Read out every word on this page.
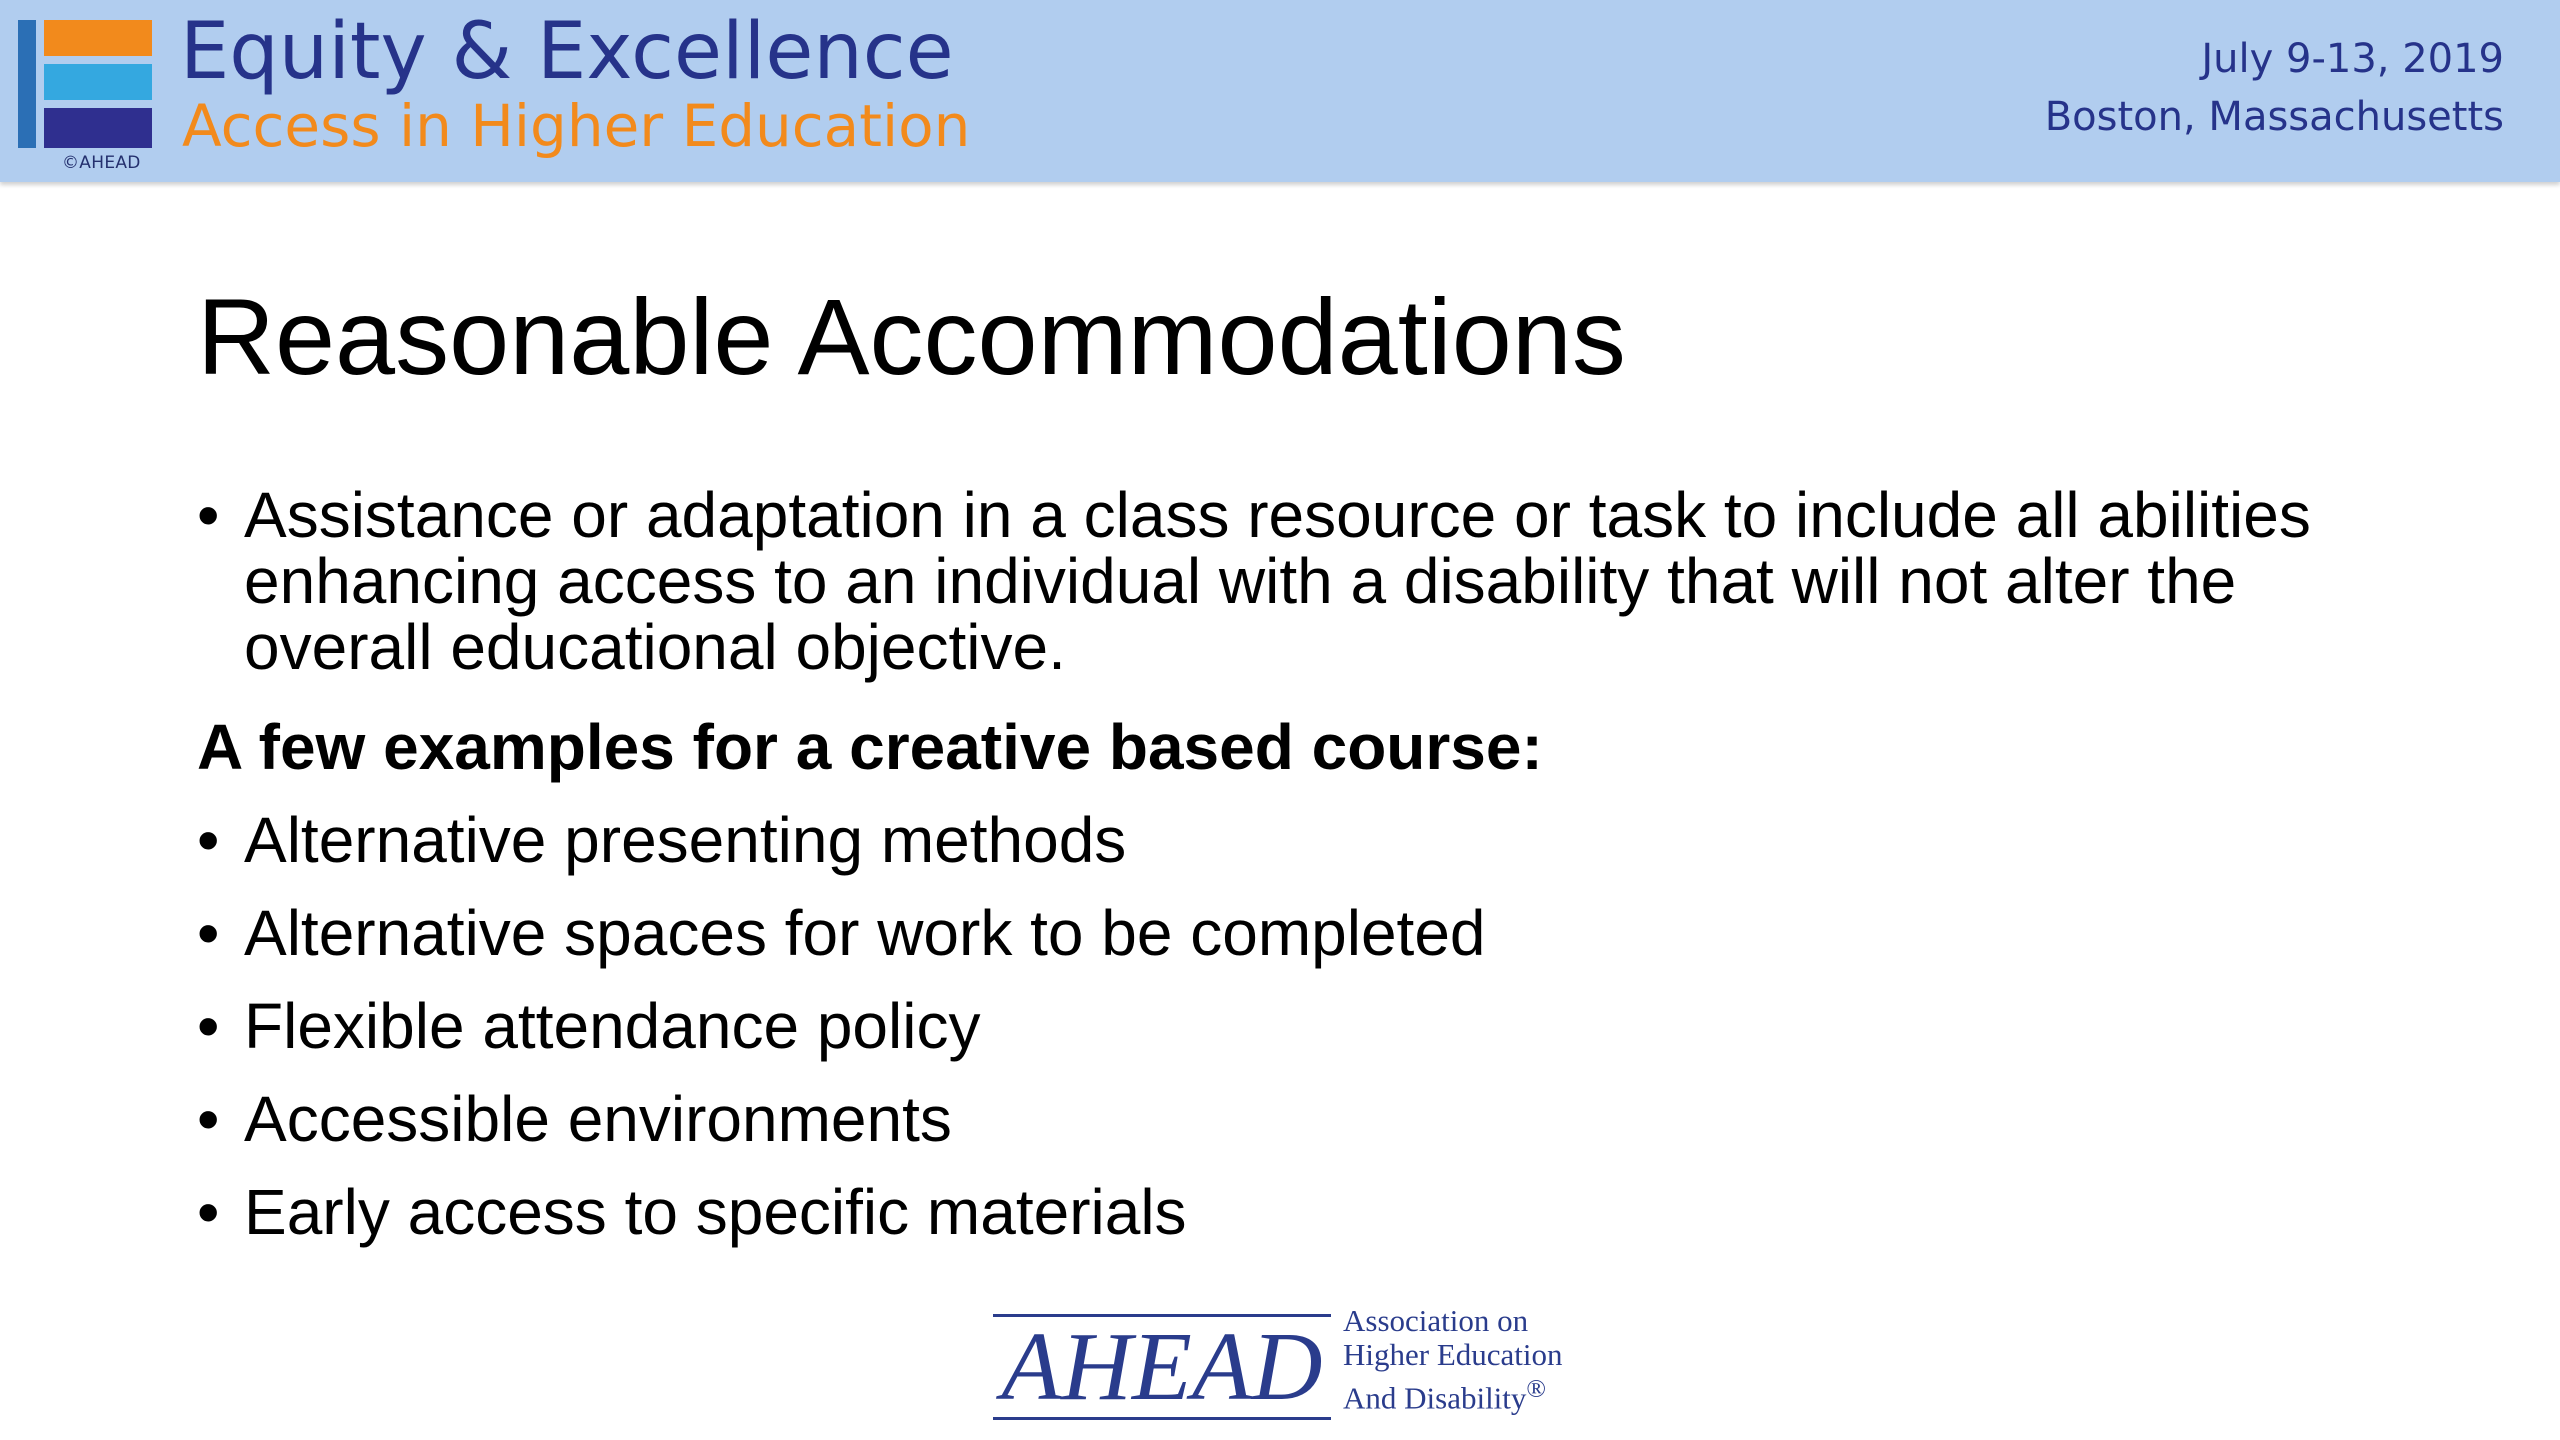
©AHEAD
Equity & Excellence
Access in Higher Education
July 9-13, 2019
Boston, Massachusetts
Reasonable Accommodations
• Assistance or adaptation in a class resource or task to include all abilities enhancing access to an individual with a disability that will not alter the overall educational objective.
A few examples for a creative based course:
• Alternative presenting methods
• Alternative spaces for work to be completed
• Flexible attendance policy
• Accessible environments
• Early access to specific materials
AHEAD Association on
Higher Education
And Disability®
